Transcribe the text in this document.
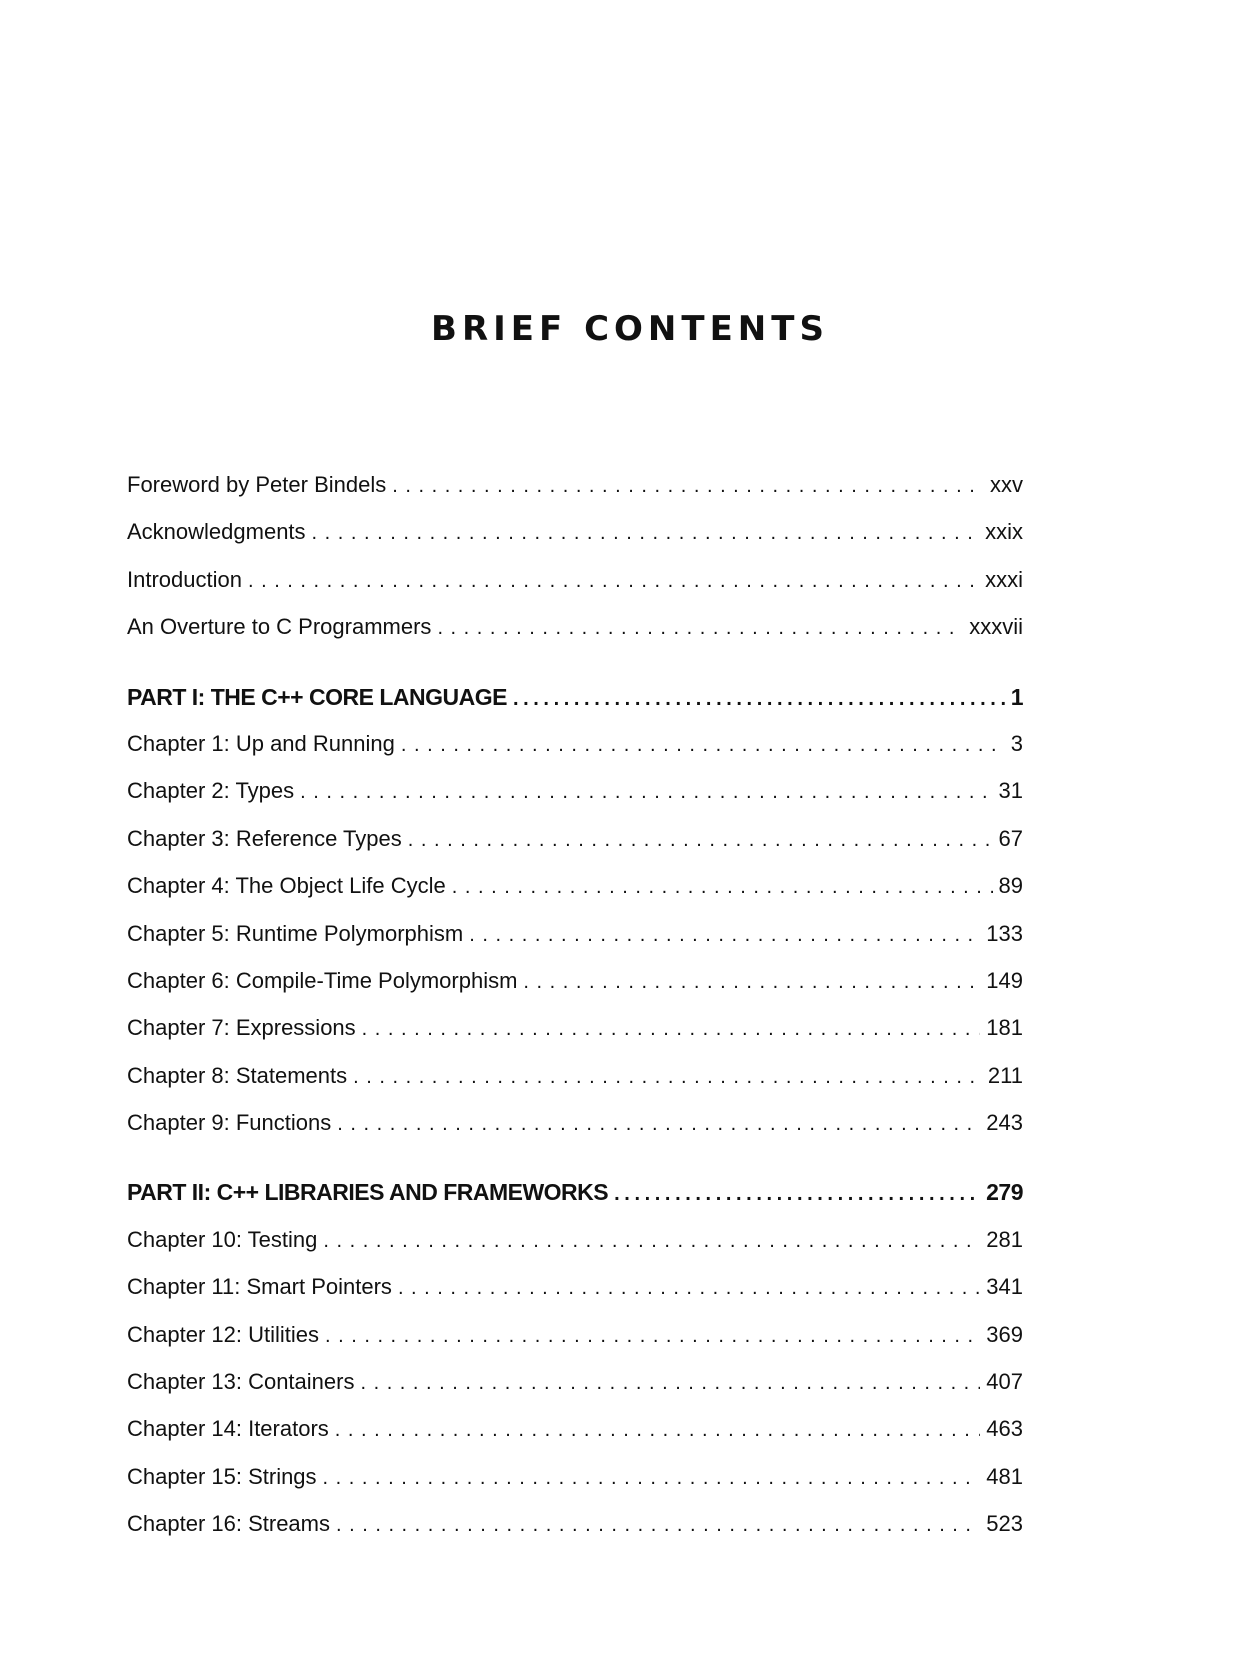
BRIEF CONTENTS
Foreword by Peter Bindels . . .	xxv
Acknowledgments . . .	xxix
Introduction . . .	xxxi
An Overture to C Programmers . . .	xxxvii
PART I: THE C++ CORE LANGUAGE .....	1
Chapter 1: Up and Running . . .	3
Chapter 2: Types . . .	31
Chapter 3: Reference Types . . .	67
Chapter 4: The Object Life Cycle . . .	89
Chapter 5: Runtime Polymorphism . . .	133
Chapter 6: Compile-Time Polymorphism . . .	149
Chapter 7: Expressions . . .	181
Chapter 8: Statements . . .	211
Chapter 9: Functions . . .	243
PART II: C++ LIBRARIES AND FRAMEWORKS .....	279
Chapter 10: Testing . . .	281
Chapter 11: Smart Pointers . . .	341
Chapter 12: Utilities . . .	369
Chapter 13: Containers . . .	407
Chapter 14: Iterators . . .	463
Chapter 15: Strings . . .	481
Chapter 16: Streams . . .	523
